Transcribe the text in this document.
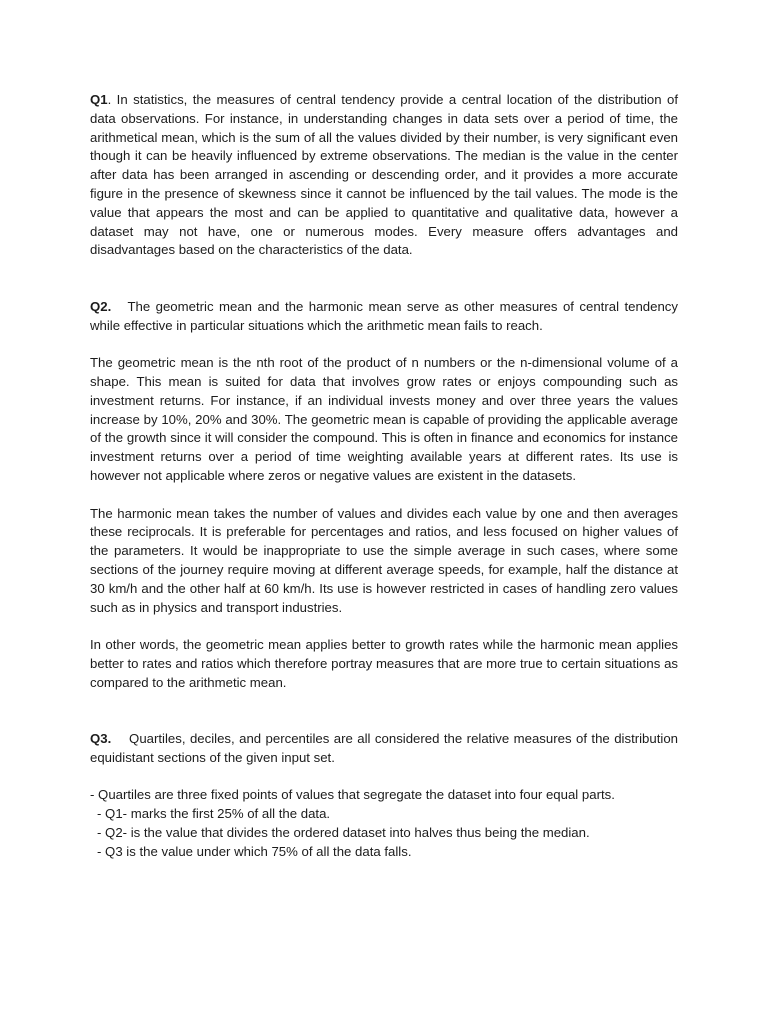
Q1. In statistics, the measures of central tendency provide a central location of the distribution of data observations. For instance, in understanding changes in data sets over a period of time, the arithmetical mean, which is the sum of all the values divided by their number, is very significant even though it can be heavily influenced by extreme observations. The median is the value in the center after data has been arranged in ascending or descending order, and it provides a more accurate figure in the presence of skewness since it cannot be influenced by the tail values. The mode is the value that appears the most and can be applied to quantitative and qualitative data, however a dataset may not have, one or numerous modes. Every measure offers advantages and disadvantages based on the characteristics of the data.

Q2.   The geometric mean and the harmonic mean serve as other measures of central tendency while effective in particular situations which the arithmetic mean fails to reach.

The geometric mean is the nth root of the product of n numbers or the n-dimensional volume of a shape. This mean is suited for data that involves grow rates or enjoys compounding such as investment returns. For instance, if an individual invests money and over three years the values increase by 10%, 20% and 30%. The geometric mean is capable of providing the applicable average of the growth since it will consider the compound. This is often in finance and economics for instance investment returns over a period of time weighting available years at different rates. Its use is however not applicable where zeros or negative values are existent in the datasets.

The harmonic mean takes the number of values and divides each value by one and then averages these reciprocals. It is preferable for percentages and ratios, and less focused on higher values of the parameters. It would be inappropriate to use the simple average in such cases, where some sections of the journey require moving at different average speeds, for example, half the distance at 30 km/h and the other half at 60 km/h. Its use is however restricted in cases of handling zero values such as in physics and transport industries.

In other words, the geometric mean applies better to growth rates while the harmonic mean applies better to rates and ratios which therefore portray measures that are more true to certain situations as compared to the arithmetic mean.

Q3.    Quartiles, deciles, and percentiles are all considered the relative measures of the distribution equidistant sections of the given input set.

- Quartiles are three fixed points of values that segregate the dataset into four equal parts.

- Q1- marks the first 25% of all the data.

- Q2- is the value that divides the ordered dataset into halves thus being the median.

- Q3 is the value under which 75% of all the data falls.
